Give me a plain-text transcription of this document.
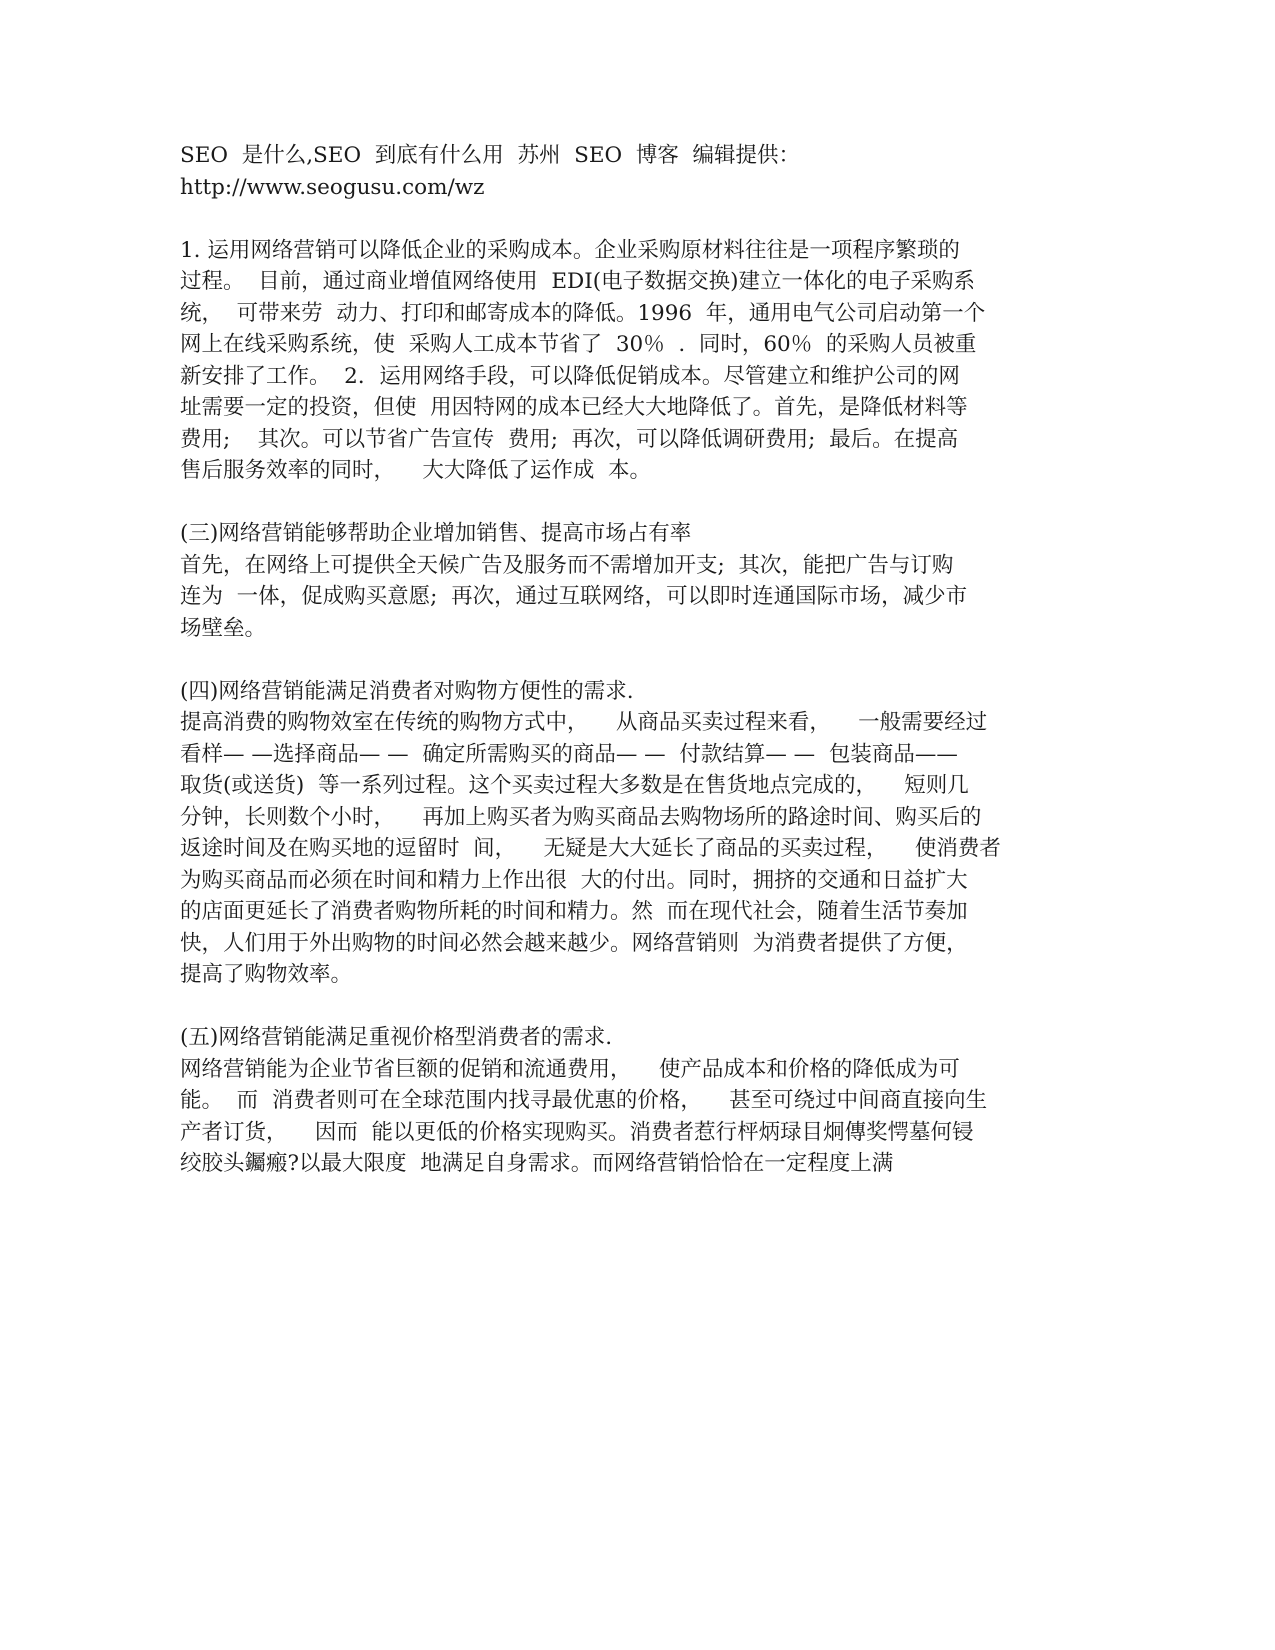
SEO  是什么,SEO  到底有什么用  苏州  SEO  博客  编辑提供：
http://www.seogusu.com/wz
1. 运用网络营销可以降低企业的采购成本。企业采购原材料往往是一项程序繁琐的
过程。  目前，通过商业增值网络使用  EDI(电子数据交换)建立一体化的电子采购系
统，  可带来劳  动力、打印和邮寄成本的降低。1996  年，通用电气公司启动第一个
网上在线采购系统，使  采购人工成本节省了  30％  .  同时，60％  的采购人员被重
新安排了工作。  2．运用网络手段，可以降低促销成本。尽管建立和维护公司的网
址需要一定的投资，但使  用因特网的成本已经大大地降低了。首先，是降低材料等
费用;    其次。可以节省广告宣传  费用;  再次，可以降低调研费用;  最后。在提高
售后服务效率的同时，    大大降低了运作成  本。
(三)网络营销能够帮助企业增加销售、提高市场占有率
首先，在网络上可提供全天候广告及服务而不需增加开支;  其次，能把广告与订购
连为  一体，促成购买意愿;  再次，通过互联网络，可以即时连通国际市场，减少市
场壁垒。
(四)网络营销能满足消费者对购物方便性的需求.
提高消费的购物效室在传统的购物方式中，    从商品买卖过程来看，    一般需要经过
看样— —选择商品— —  确定所需购买的商品— —  付款结算— —  包装商品——
取货(或送货)  等一系列过程。这个买卖过程大多数是在售货地点完成的，    短则几
分钟，长则数个小时，    再加上购买者为购买商品去购物场所的路途时间、购买后的
返途时间及在购买地的逗留时  间，    无疑是大大延长了商品的买卖过程，    使消费者
为购买商品而必须在时间和精力上作出很  大的付出。同时，拥挤的交通和日益扩大
的店面更延长了消费者购物所耗的时间和精力。然  而在现代社会，随着生活节奏加
快，人们用于外出购物的时间必然会越来越少。网络营销则  为消费者提供了方便，
提高了购物效率。
(五)网络营销能满足重视价格型消费者的需求.
网络营销能为企业节省巨额的促销和流通费用，    使产品成本和价格的降低成为可
能。  而  消费者则可在全球范围内找寻最优惠的价格，    甚至可绕过中间商直接向生
产者订货，    因而  能以更低的价格实现购买。消费者惹行枰炳琭目炯傳奖愕墓何锓
绞胶头钃瘢?以最大限度  地满足自身需求。而网络营销恰恰在一定程度上满
